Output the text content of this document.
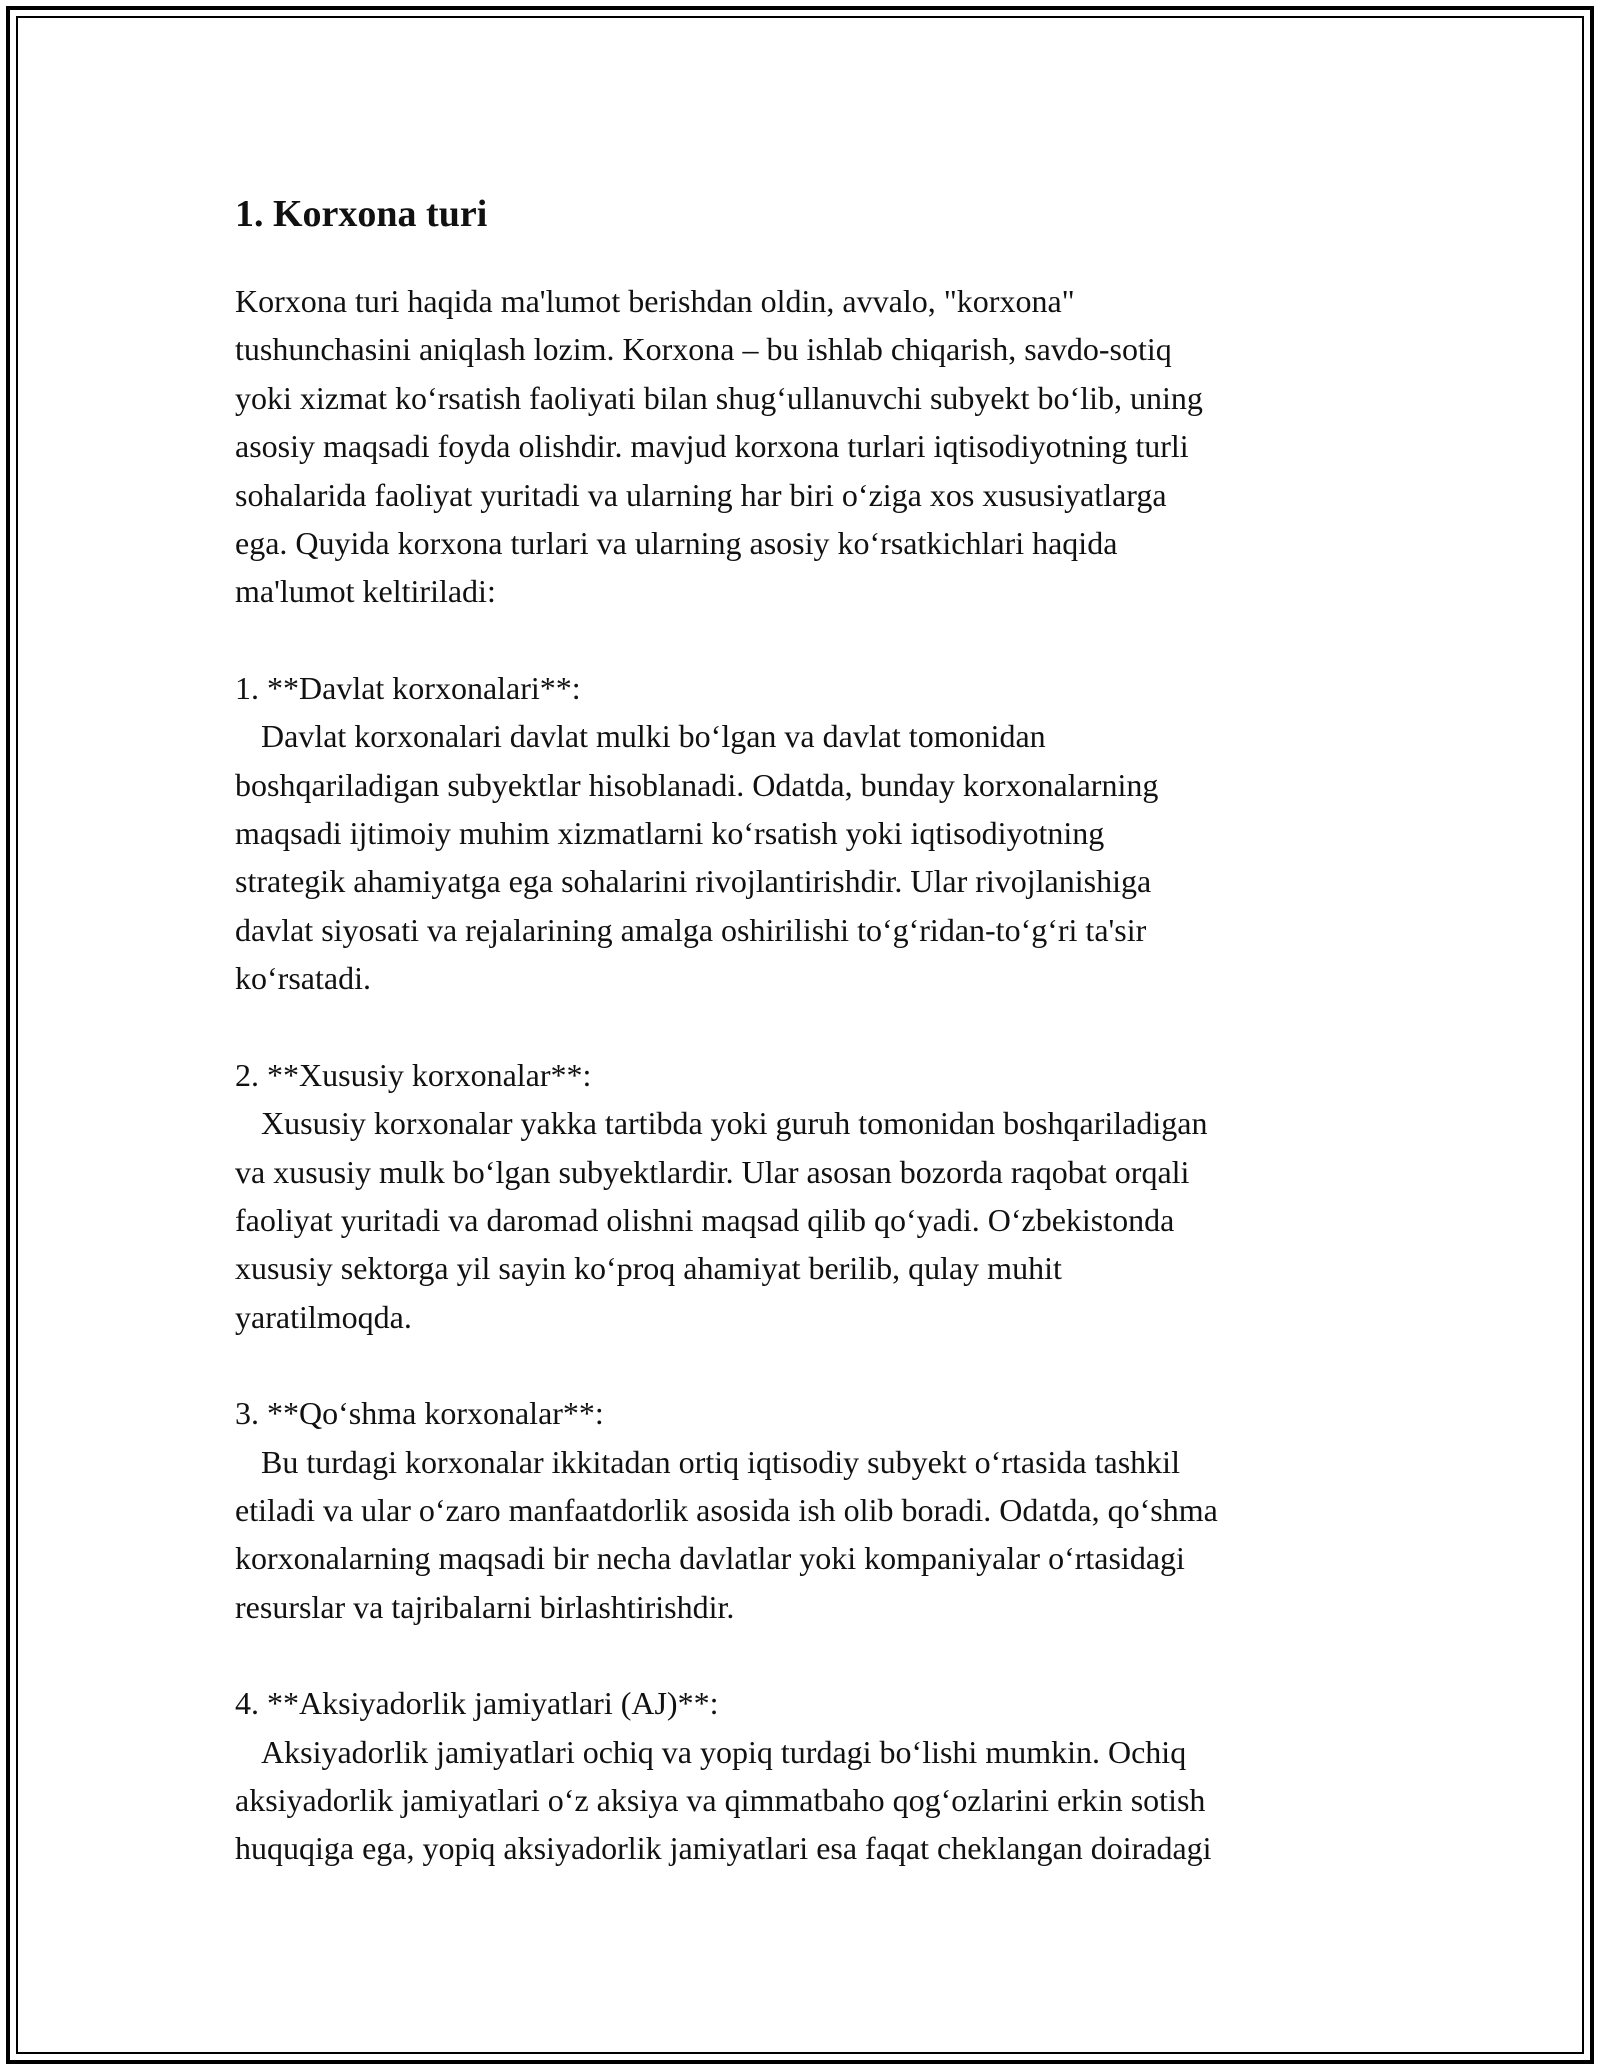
1. Korxona turi
Korxona turi haqida ma'lumot berishdan oldin, avvalo, "korxona"
tushunchasini aniqlash lozim. Korxona – bu ishlab chiqarish, savdo-sotiq
yoki xizmat koʻrsatish faoliyati bilan shugʻullanuvchi subyekt boʻlib, uning
asosiy maqsadi foyda olishdir. mavjud korxona turlari iqtisodiyotning turli
sohalarida faoliyat yuritadi va ularning har biri oʻziga xos xususiyatlarga
ega. Quyida korxona turlari va ularning asosiy koʻrsatkichlari haqida
ma'lumot keltiriladi:
1. **Davlat korxonalari**:
Davlat korxonalari davlat mulki boʻlgan va davlat tomonidan
boshqariladigan subyektlar hisoblanadi. Odatda, bunday korxonalarning
maqsadi ijtimoiy muhim xizmatlarni koʻrsatish yoki iqtisodiyotning
strategik ahamiyatga ega sohalarini rivojlantirishdir. Ular rivojlanishiga
davlat siyosati va rejalarining amalga oshirilishi toʻgʻridan-toʻgʻri ta'sir
koʻrsatadi.
2. **Xususiy korxonalar**:
Xususiy korxonalar yakka tartibda yoki guruh tomonidan boshqariladigan
va xususiy mulk boʻlgan subyektlardir. Ular asosan bozorda raqobat orqali
faoliyat yuritadi va daromad olishni maqsad qilib qoʻyadi. Oʻzbekistonda
xususiy sektorga yil sayin koʻproq ahamiyat berilib, qulay muhit
yaratilmoqda.
3. **Qoʻshma korxonalar**:
Bu turdagi korxonalar ikkitadan ortiq iqtisodiy subyekt oʻrtasida tashkil
etiladi va ular oʻzaro manfaatdorlik asosida ish olib boradi. Odatda, qoʻshma
korxonalarning maqsadi bir necha davlatlar yoki kompaniyalar oʻrtasidagi
resurslar va tajribalarni birlashtirishdir.
4. **Aksiyadorlik jamiyatlari (AJ)**:
Aksiyadorlik jamiyatlari ochiq va yopiq turdagi boʻlishi mumkin. Ochiq
aksiyadorlik jamiyatlari oʻz aksiya va qimmatbaho qogʻozlarini erkin sotish
huquqiga ega, yopiq aksiyadorlik jamiyatlari esa faqat cheklangan doiradagi
